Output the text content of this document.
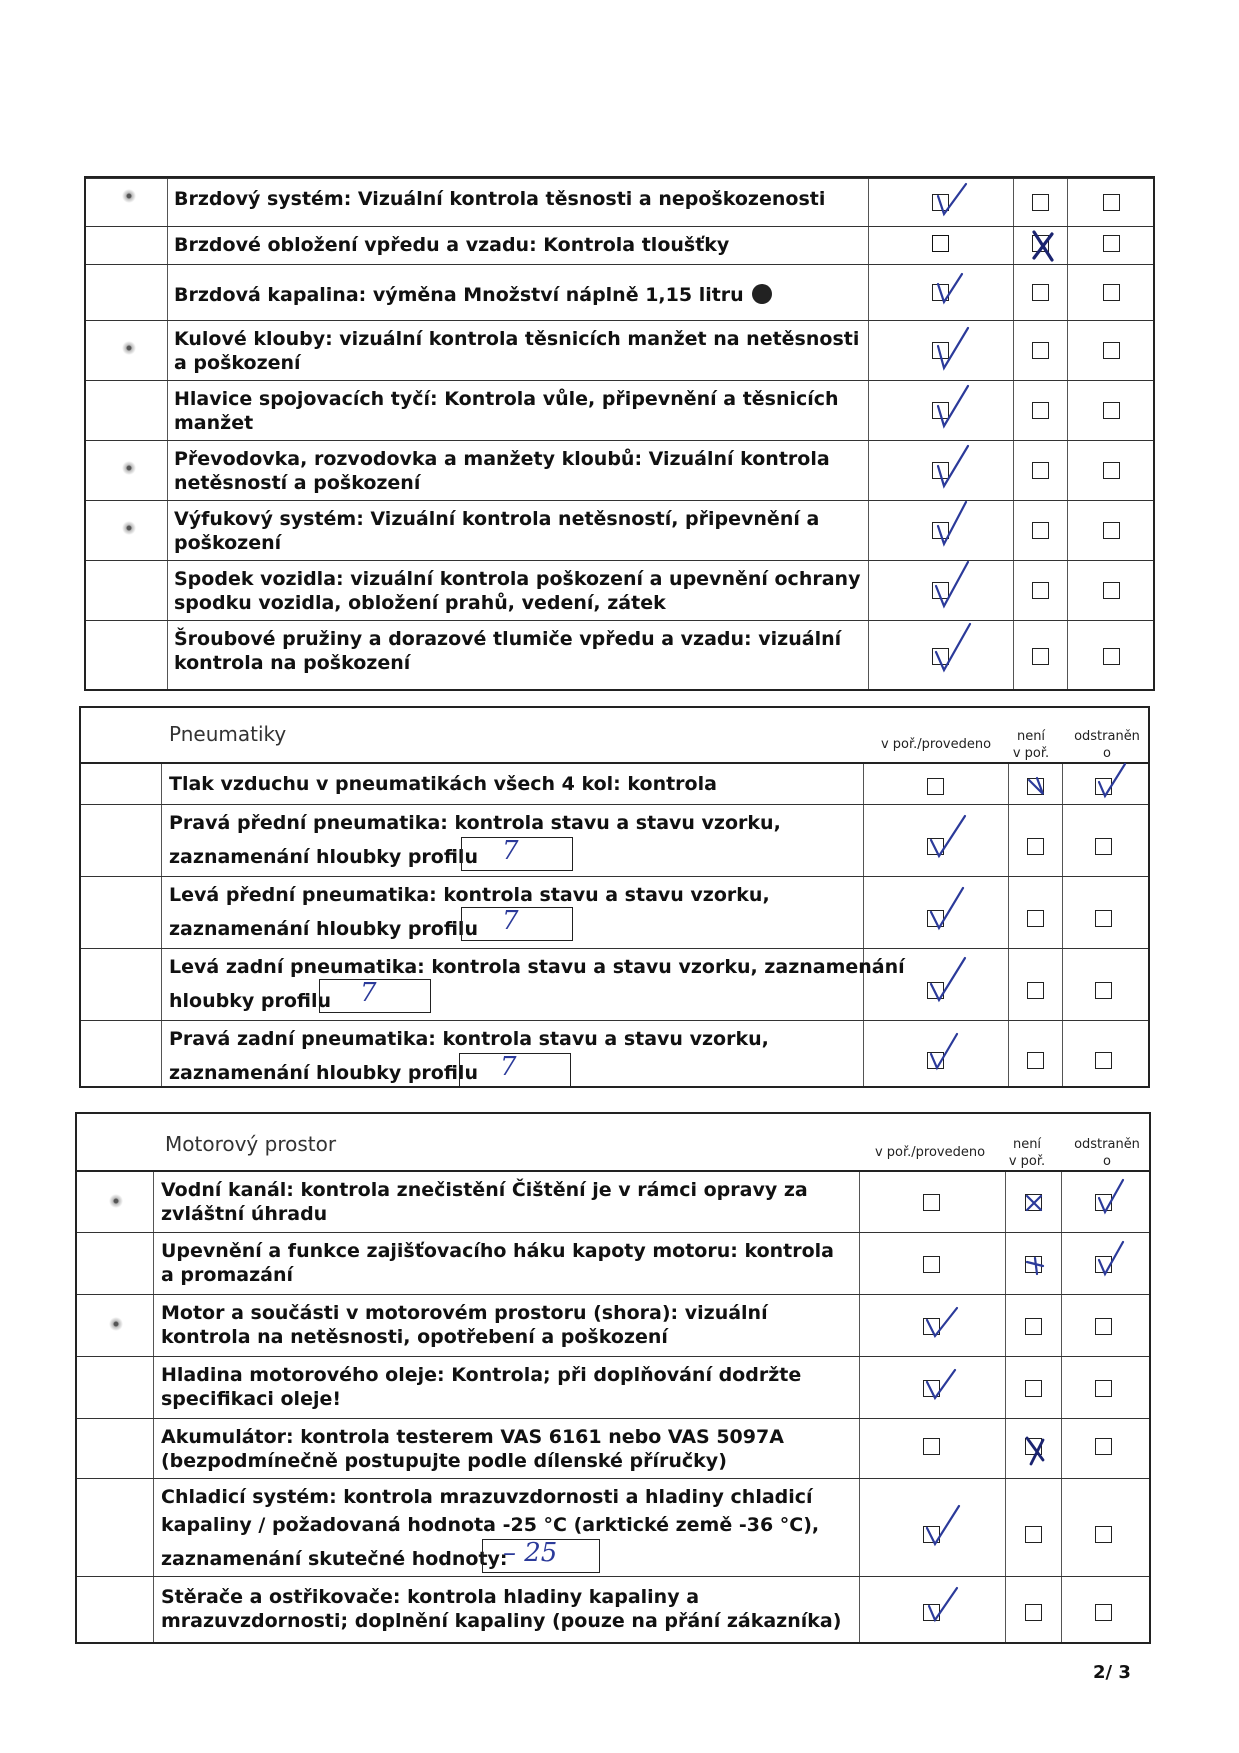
Brzdový systém: Vizuální kontrola těsnosti a nepoškozenosti
Brzdové obložení vpředu a vzadu: Kontrola tloušťky
Brzdová kapalina: výměna Množství náplně 1,15 litru
Kulové klouby: vizuální kontrola těsnicích manžet na netěsnosti a poškození
Hlavice spojovacích tyčí: Kontrola vůle, připevnění a těsnicích manžet
Převodovka, rozvodovka a manžety kloubů: Vizuální kontrola netěsností a poškození
Výfukový systém: Vizuální kontrola netěsností, připevnění a poškození
Spodek vozidla: vizuální kontrola poškození a upevnění ochrany spodku vozidla, obložení prahů, vedení, zátek
Šroubové pružiny a dorazové tlumiče vpředu a vzadu: vizuální kontrola na poškození
Pneumatiky	v poř./provedeno
není
v poř.
odstraněn
o
Tlak vzduchu v pneumatikách všech 4 kol: kontrola
Pravá přední pneumatika: kontrola stavu a stavu vzorku,
zaznamenání hloubky profilu 7
Levá přední pneumatika: kontrola stavu a stavu vzorku,
zaznamenání hloubky profilu 7
Levá zadní pneumatika: kontrola stavu a stavu vzorku, zaznamenání
hloubky profilu 7
Pravá zadní pneumatika: kontrola stavu a stavu vzorku,
zaznamenání hloubky profilu 7
Motorový prostor	v poř./provedeno
není
v poř.
odstraněn
o
Vodní kanál: kontrola znečistění Čištění je v rámci opravy za zvláštní úhradu
Upevnění a funkce zajišťovacího háku kapoty motoru: kontrola a promazání
Motor a součásti v motorovém prostoru (shora): vizuální kontrola na netěsnosti, opotřebení a poškození
Hladina motorového oleje: Kontrola; při doplňování dodržte specifikaci oleje!
Akumulátor: kontrola testerem VAS 6161 nebo VAS 5097A (bezpodmínečně postupujte podle dílenské příručky)
Chladicí systém: kontrola mrazuvzdornosti a hladiny chladicí
kapaliny / požadovaná hodnota -25 °C (arktické země -36 °C),
zaznamenání skutečné hodnoty:
– 25
Stěrače a ostřikovače: kontrola hladiny kapaliny a mrazuvzdornosti; doplnění kapaliny (pouze na přání zákazníka)
2/ 3
